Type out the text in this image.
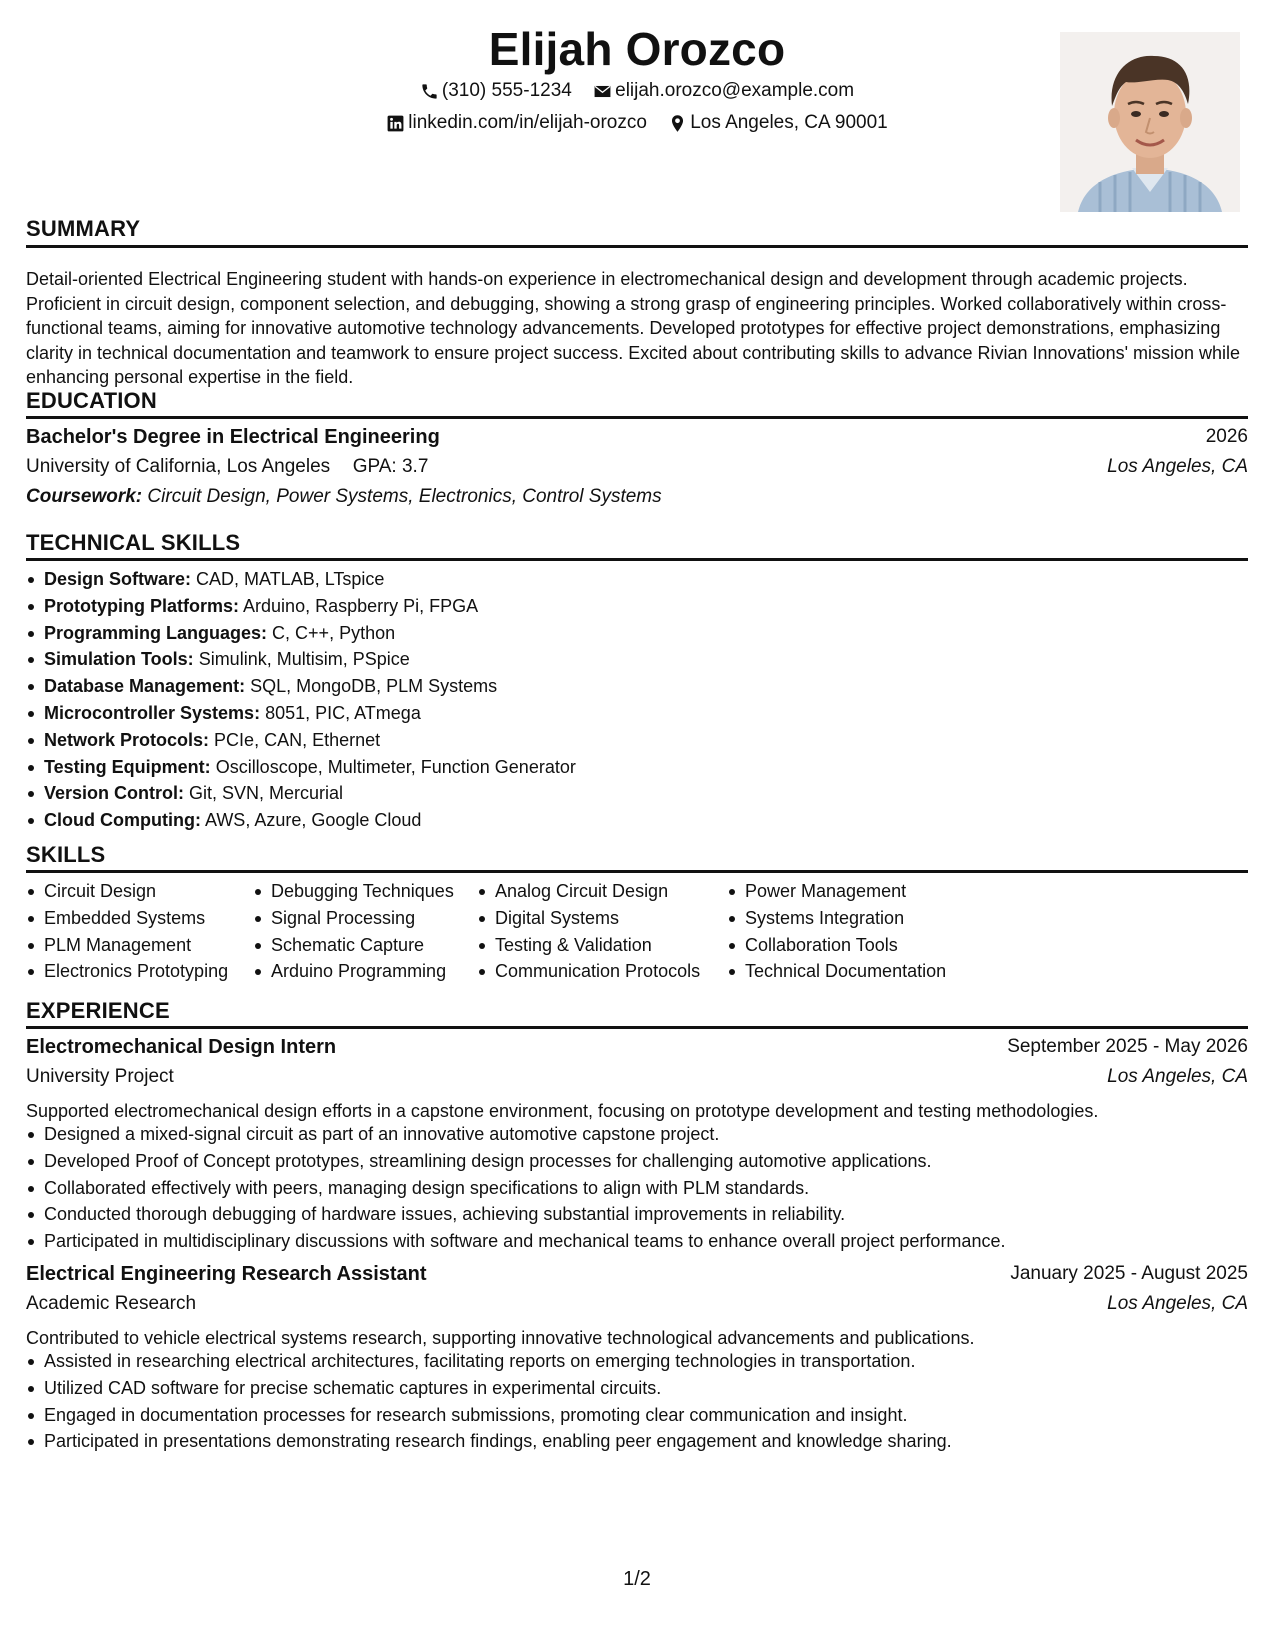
Elijah Orozco
(310) 555-1234
elijah.orozco@example.com
linkedin.com/in/elijah-orozco
Los Angeles, CA 90001
SUMMARY
Detail-oriented Electrical Engineering student with hands-on experience in electromechanical design and development through academic projects. Proficient in circuit design, component selection, and debugging, showing a strong grasp of engineering principles. Worked collaboratively within cross-functional teams, aiming for innovative automotive technology advancements. Developed prototypes for effective project demonstrations, emphasizing clarity in technical documentation and teamwork to ensure project success. Excited about contributing skills to advance Rivian Innovations' mission while enhancing personal expertise in the field.
EDUCATION
Bachelor's Degree in Electrical Engineering	2026
University of California, Los Angeles GPA: 3.7	Los Angeles, CA
Coursework: Circuit Design, Power Systems, Electronics, Control Systems
TECHNICAL SKILLS
Design Software: CAD, MATLAB, LTspice
Prototyping Platforms: Arduino, Raspberry Pi, FPGA
Programming Languages: C, C++, Python
Simulation Tools: Simulink, Multisim, PSpice
Database Management: SQL, MongoDB, PLM Systems
Microcontroller Systems: 8051, PIC, ATmega
Network Protocols: PCIe, CAN, Ethernet
Testing Equipment: Oscilloscope, Multimeter, Function Generator
Version Control: Git, SVN, Mercurial
Cloud Computing: AWS, Azure, Google Cloud
SKILLS
Circuit Design
Embedded Systems
PLM Management
Electronics Prototyping
Debugging Techniques
Signal Processing
Schematic Capture
Arduino Programming
Analog Circuit Design
Digital Systems
Testing & Validation
Communication Protocols
Power Management
Systems Integration
Collaboration Tools
Technical Documentation
EXPERIENCE
Electromechanical Design Intern	September 2025 - May 2026
University Project	Los Angeles, CA
Supported electromechanical design efforts in a capstone environment, focusing on prototype development and testing methodologies.
Designed a mixed-signal circuit as part of an innovative automotive capstone project.
Developed Proof of Concept prototypes, streamlining design processes for challenging automotive applications.
Collaborated effectively with peers, managing design specifications to align with PLM standards.
Conducted thorough debugging of hardware issues, achieving substantial improvements in reliability.
Participated in multidisciplinary discussions with software and mechanical teams to enhance overall project performance.
Electrical Engineering Research Assistant	January 2025 - August 2025
Academic Research	Los Angeles, CA
Contributed to vehicle electrical systems research, supporting innovative technological advancements and publications.
Assisted in researching electrical architectures, facilitating reports on emerging technologies in transportation.
Utilized CAD software for precise schematic captures in experimental circuits.
Engaged in documentation processes for research submissions, promoting clear communication and insight.
Participated in presentations demonstrating research findings, enabling peer engagement and knowledge sharing.
1/2
